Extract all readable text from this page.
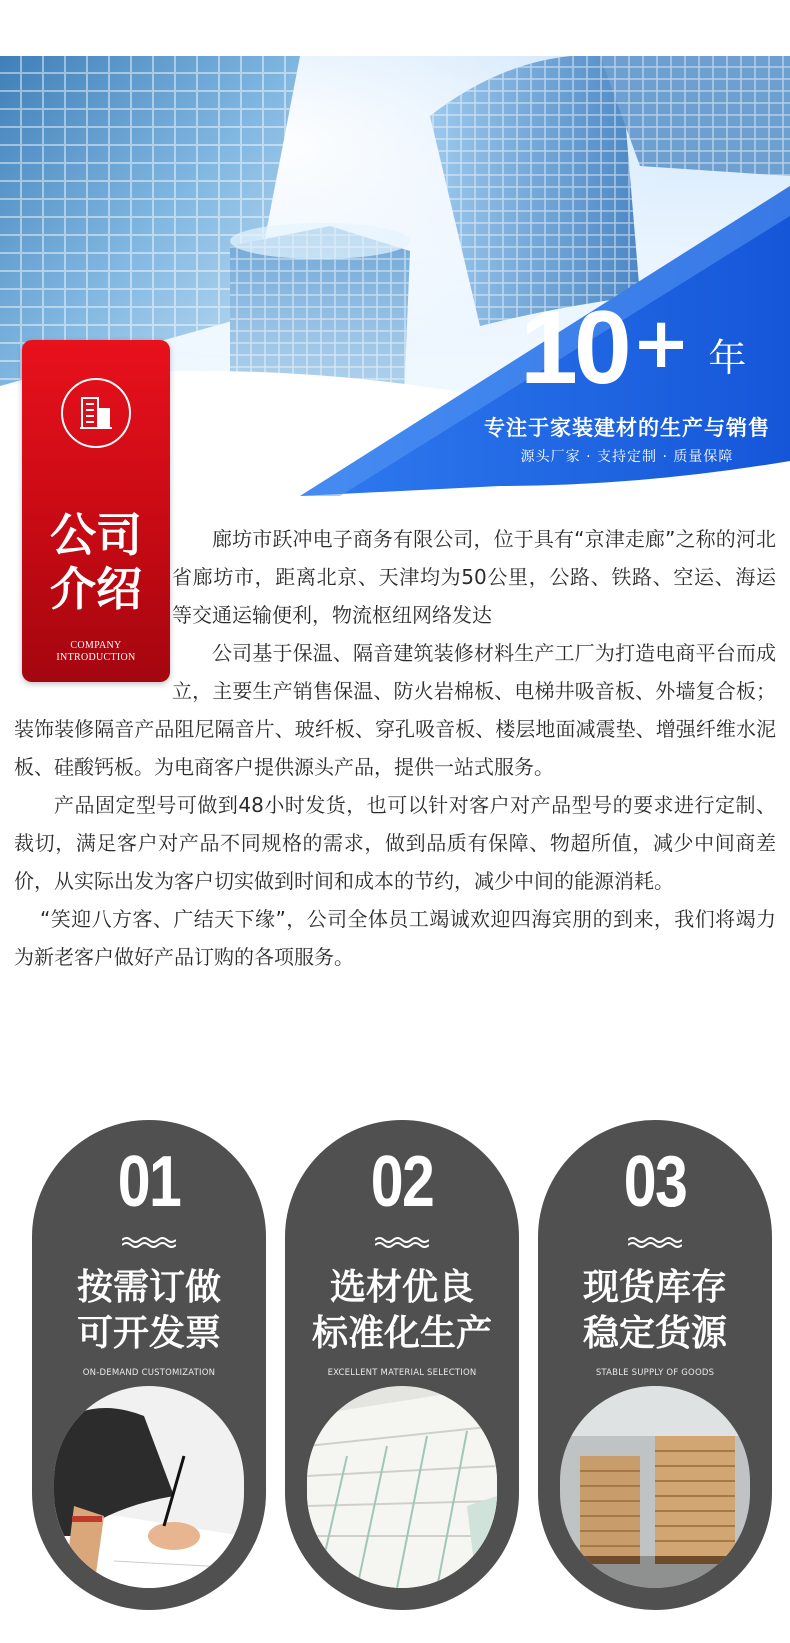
10 + 年
专注于家装建材的生产与销售
源头厂家 · 支持定制 · 质量保障
公司
介绍
COMPANY
INTRODUCTION

廊坊市跃冲电子商务有限公司，位于具有“京津走廊”之称的河北省廊坊市，距离北京、天津均为50公里，公路、铁路、空运、海运等交通运输便利，物流枢纽网络发达

公司基于保温、隔音建筑装修材料生产工厂为打造电商平台而成立，主要生产销售保温、防火岩棉板、电梯井吸音板、外墙复合板；装饰装修隔音产品阻尼隔音片、玻纤板、穿孔吸音板、楼层地面减震垫、增强纤维水泥板、硅酸钙板。为电商客户提供源头产品，提供一站式服务。

产品固定型号可做到48小时发货，也可以针对客户对产品型号的要求进行定制、裁切，满足客户对产品不同规格的需求，做到品质有保障、物超所值，减少中间商差价，从实际出发为客户切实做到时间和成本的节约，减少中间的能源消耗。

“笑迎八方客、广结天下缘”，公司全体员工竭诚欢迎四海宾朋的到来，我们将竭力为新老客户做好产品订购的各项服务。

01
按需订做
可开发票
ON-DEMAND CUSTOMIZATION
02
选材优良
标准化生产
EXCELLENT MATERIAL SELECTION
03
现货库存
稳定货源
STABLE SUPPLY OF GOODS
